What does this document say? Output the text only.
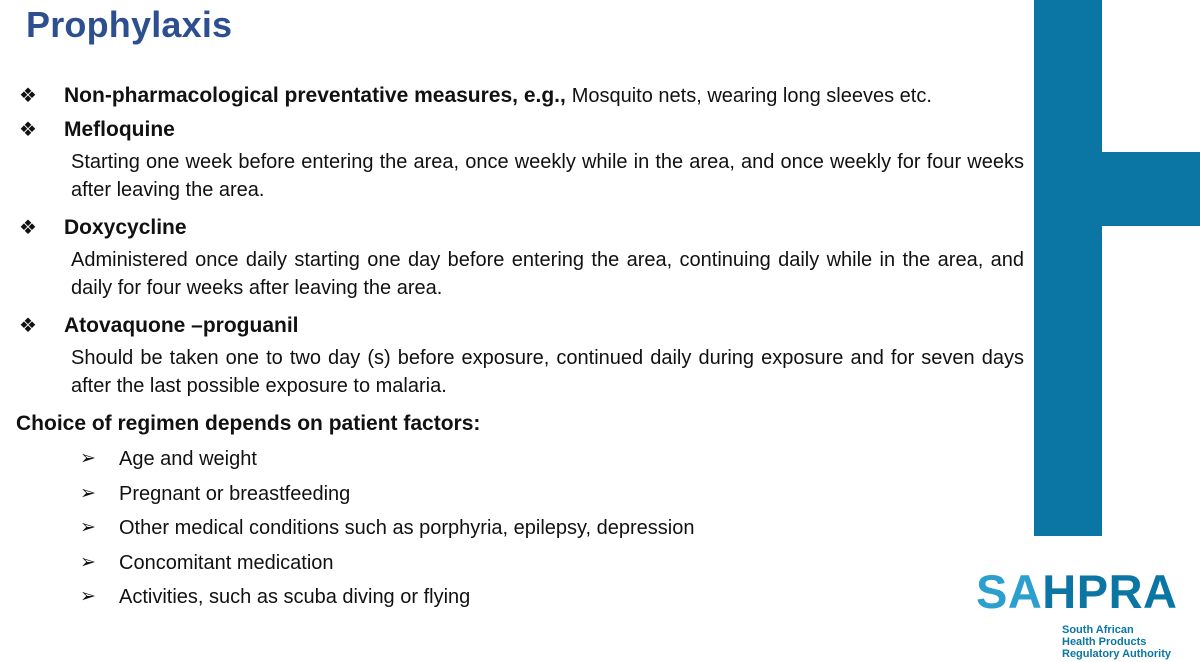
Prophylaxis
❖ Non-pharmacological preventative measures, e.g., Mosquito nets, wearing long sleeves etc.
❖ Mefloquine

Starting one week before entering the area, once weekly while in the area, and once weekly for four weeks after leaving the area.

❖ Doxycycline

Administered once daily starting one day before entering the area, continuing daily while in the area, and daily for four weeks after leaving the area.

❖ Atovaquone –proguanil

Should be taken one to two day (s) before exposure, continued daily during exposure and for seven days after the last possible exposure to malaria.

Choice of regimen depends on patient factors:
➢ Age and weight
➢ Pregnant or breastfeeding
➢ Other medical conditions such as porphyria, epilepsy, depression
➢ Concomitant medication
➢ Activities, such as scuba diving or flying	SAHPRA
South African
Health Products
Regulatory Authority
